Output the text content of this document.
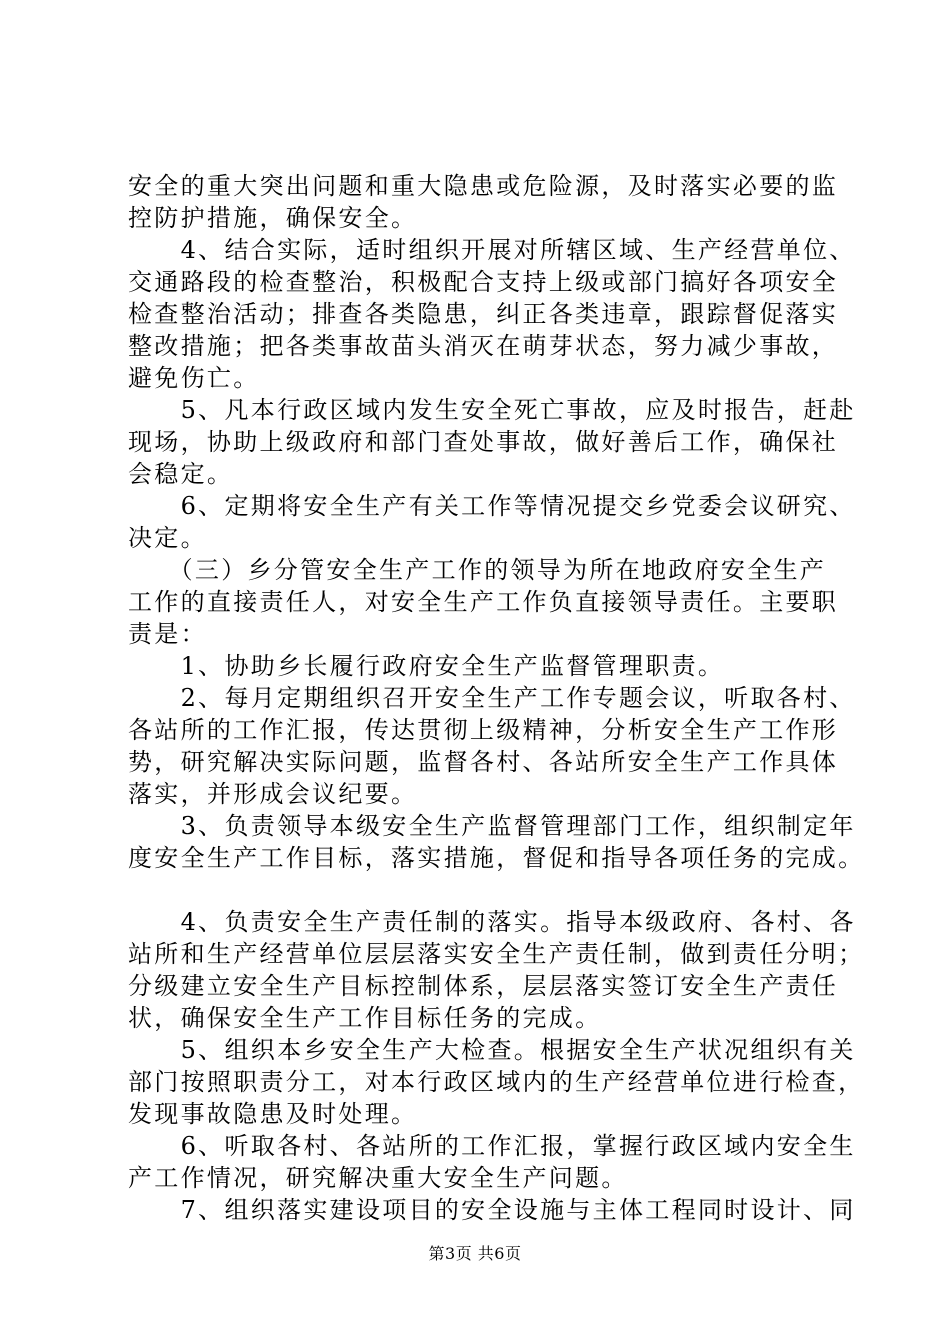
安全的重大突出问题和重大隐患或危险源，及时落实必要的监
控防护措施，确保安全。
　　4、结合实际，适时组织开展对所辖区域、生产经营单位、
交通路段的检查整治，积极配合支持上级或部门搞好各项安全
检查整治活动；排查各类隐患，纠正各类违章，跟踪督促落实
整改措施；把各类事故苗头消灭在萌芽状态，努力减少事故，
避免伤亡。
　　5、凡本行政区域内发生安全死亡事故，应及时报告，赶赴
现场，协助上级政府和部门查处事故，做好善后工作，确保社
会稳定。
　　6、定期将安全生产有关工作等情况提交乡党委会议研究、
决定。
　　（三）乡分管安全生产工作的领导为所在地政府安全生产
工作的直接责任人，对安全生产工作负直接领导责任。主要职
责是：
　　1、协助乡长履行政府安全生产监督管理职责。
　　2、每月定期组织召开安全生产工作专题会议，听取各村、
各站所的工作汇报，传达贯彻上级精神，分析安全生产工作形
势，研究解决实际问题，监督各村、各站所安全生产工作具体
落实，并形成会议纪要。
　　3、负责领导本级安全生产监督管理部门工作，组织制定年
度安全生产工作目标，落实措施，督促和指导各项任务的完成。
　　4、负责安全生产责任制的落实。指导本级政府、各村、各
站所和生产经营单位层层落实安全生产责任制，做到责任分明；
分级建立安全生产目标控制体系，层层落实签订安全生产责任
状，确保安全生产工作目标任务的完成。
　　5、组织本乡安全生产大检查。根据安全生产状况组织有关
部门按照职责分工，对本行政区域内的生产经营单位进行检查，
发现事故隐患及时处理。
　　6、听取各村、各站所的工作汇报，掌握行政区域内安全生
产工作情况，研究解决重大安全生产问题。
　　7、组织落实建设项目的安全设施与主体工程同时设计、同
第3页 共6页
